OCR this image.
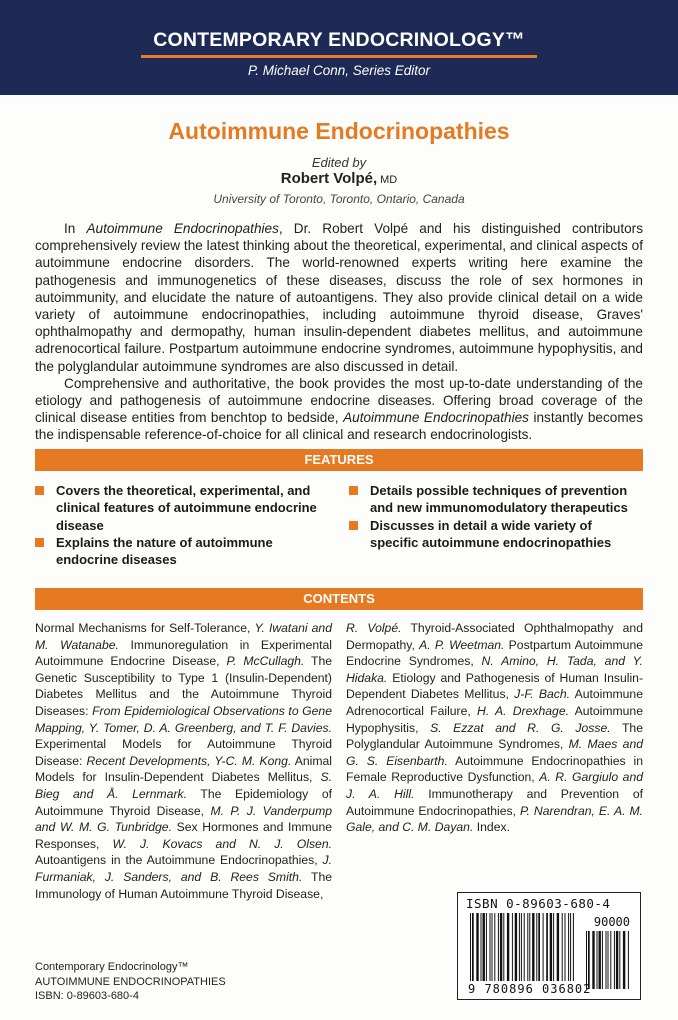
CONTEMPORARY ENDOCRINOLOGY™
P. Michael Conn, Series Editor
Autoimmune Endocrinopathies
Edited by
Robert Volpé, MD
University of Toronto, Toronto, Ontario, Canada

In Autoimmune Endocrinopathies, Dr. Robert Volpé and his distinguished contributors comprehensively review the latest thinking about the theoretical, experimental, and clinical aspects of autoimmune endocrine disorders. The world-renowned experts writing here examine the pathogenesis and immunogenetics of these diseases, discuss the role of sex hormones in autoimmunity, and elucidate the nature of autoantigens. They also provide clinical detail on a wide variety of autoimmune endocrinopathies, including autoimmune thyroid disease, Graves' ophthalmopathy and dermopathy, human insulin-dependent diabetes mellitus, and autoimmune adrenocortical failure. Postpartum autoimmune endocrine syndromes, autoimmune hypophysitis, and the polyglandular autoimmune syndromes are also discussed in detail.

Comprehensive and authoritative, the book provides the most up-to-date understanding of the etiology and pathogenesis of autoimmune endocrine diseases. Offering broad coverage of the clinical disease entities from benchtop to bedside, Autoimmune Endocrinopathies instantly becomes the indispensable reference-of-choice for all clinical and research endocrinologists.

FEATURES
Covers the theoretical, experimental, and clinical features of autoimmune endocrine disease
Explains the nature of autoimmune endocrine diseases
Details possible techniques of prevention and new immunomodulatory therapeutics
Discusses in detail a wide variety of specific autoimmune endocrinopathies
CONTENTS
Normal Mechanisms for Self-Tolerance, Y. Iwatani and M. Watanabe. Immunoregulation in Experimental Autoimmune Endocrine Disease, P. McCullagh. The Genetic Susceptibility to Type 1 (Insulin-Dependent) Diabetes Mellitus and the Autoimmune Thyroid Diseases: From Epidemiological Observations to Gene Mapping, Y. Tomer, D. A. Greenberg, and T. F. Davies. Experimental Models for Autoimmune Thyroid Disease: Recent Developments, Y-C. M. Kong. Animal Models for Insulin-Dependent Diabetes Mellitus, S. Bieg and Å. Lernmark. The Epidemiology of Autoimmune Thyroid Disease, M. P. J. Vanderpump and W. M. G. Tunbridge. Sex Hormones and Immune Responses, W. J. Kovacs and N. J. Olsen. Autoantigens in the Autoimmune Endocrinopathies, J. Furmaniak, J. Sanders, and B. Rees Smith. The Immunology of Human Autoimmune Thyroid Disease,
R. Volpé. Thyroid-Associated Ophthalmopathy and Dermopathy, A. P. Weetman. Postpartum Autoimmune Endocrine Syndromes, N. Amino, H. Tada, and Y. Hidaka. Etiology and Pathogenesis of Human Insulin-Dependent Diabetes Mellitus, J-F. Bach. Autoimmune Adrenocortical Failure, H. A. Drexhage. Autoimmune Hypophysitis, S. Ezzat and R. G. Josse. The Polyglandular Autoimmune Syndromes, M. Maes and G. S. Eisenbarth. Autoimmune Endocrinopathies in Female Reproductive Dysfunction, A. R. Gargiulo and J. A. Hill. Immunotherapy and Prevention of Autoimmune Endocrinopathies, P. Narendran, E. A. M. Gale, and C. M. Dayan. Index.
Contemporary Endocrinology™
AUTOIMMUNE ENDOCRINOPATHIES
ISBN: 0-89603-680-4
ISBN 0-89603-680-4
90000
9 780896 036802
